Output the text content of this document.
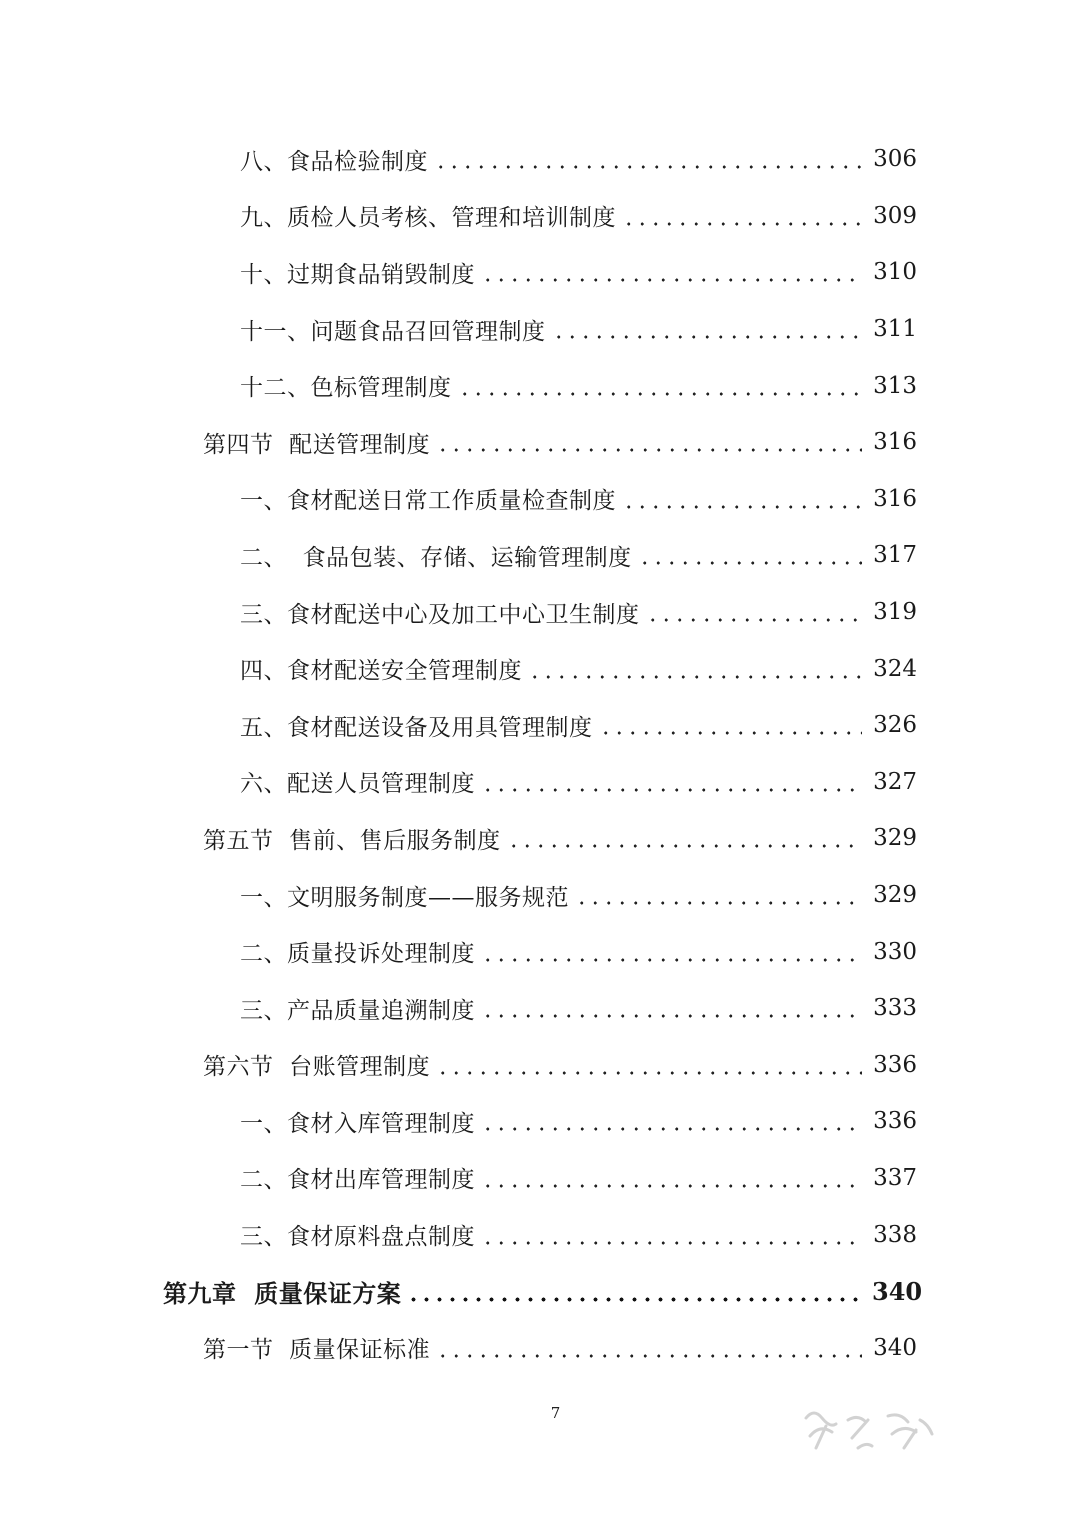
八、食品检验制度	306
九、质检人员考核、管理和培训制度	309
十、过期食品销毁制度	310
十一、问题食品召回管理制度	311
十二、色标管理制度	313
第四节  配送管理制度	316
一、食材配送日常工作质量检查制度	316
二、  食品包装、存储、运输管理制度	317
三、食材配送中心及加工中心卫生制度	319
四、食材配送安全管理制度	324
五、食材配送设备及用具管理制度	326
六、配送人员管理制度	327
第五节  售前、售后服务制度	329
一、文明服务制度——服务规范	329
二、质量投诉处理制度	330
三、产品质量追溯制度	333
第六节  台账管理制度	336
一、食材入库管理制度	336
二、食材出库管理制度	337
三、食材原料盘点制度	338
第九章  质量保证方案	340
第一节  质量保证标准	340
7
